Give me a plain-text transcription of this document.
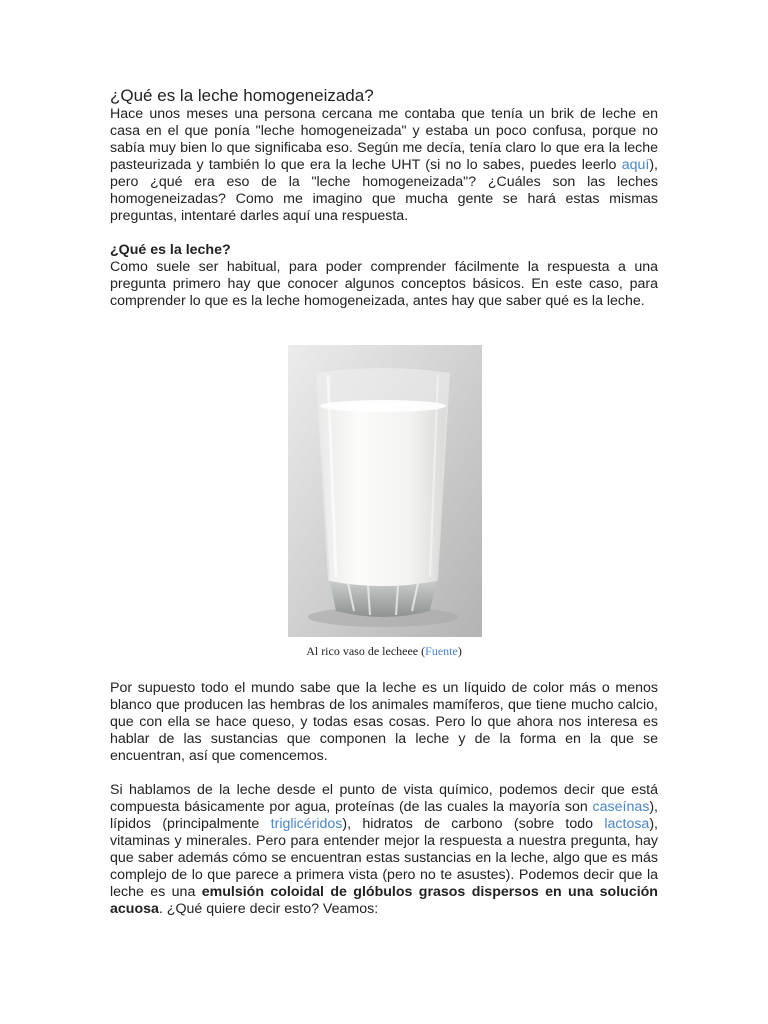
¿Qué es la leche homogeneizada?

Hace unos meses una persona cercana me contaba que tenía un brik de leche en casa en el que ponía "leche homogeneizada" y estaba un poco confusa, porque no sabía muy bien lo que significaba eso. Según me decía, tenía claro lo que era la leche pasteurizada y también lo que era la leche UHT (si no lo sabes, puedes leerlo aquí), pero ¿qué era eso de la "leche homogeneizada"? ¿Cuáles son las leches homogeneizadas? Como me imagino que mucha gente se hará estas mismas preguntas, intentaré darles aquí una respuesta.

¿Qué es la leche?

Como suele ser habitual, para poder comprender fácilmente la respuesta a una pregunta primero hay que conocer algunos conceptos básicos. En este caso, para comprender lo que es la leche homogeneizada, antes hay que saber qué es la leche.

Al rico vaso de lecheee (Fuente)

Por supuesto todo el mundo sabe que la leche es un líquido de color más o menos blanco que producen las hembras de los animales mamíferos, que tiene mucho calcio, que con ella se hace queso, y todas esas cosas. Pero lo que ahora nos interesa es hablar de las sustancias que componen la leche y de la forma en la que se encuentran, así que comencemos.

Si hablamos de la leche desde el punto de vista químico, podemos decir que está compuesta básicamente por agua, proteínas (de las cuales la mayoría son caseínas), lípidos (principalmente triglicéridos), hidratos de carbono (sobre todo lactosa), vitaminas y minerales. Pero para entender mejor la respuesta a nuestra pregunta, hay que saber además cómo se encuentran estas sustancias en la leche, algo que es más complejo de lo que parece a primera vista (pero no te asustes). Podemos decir que la leche es una emulsión coloidal de glóbulos grasos dispersos en una solución acuosa. ¿Qué quiere decir esto? Veamos:
